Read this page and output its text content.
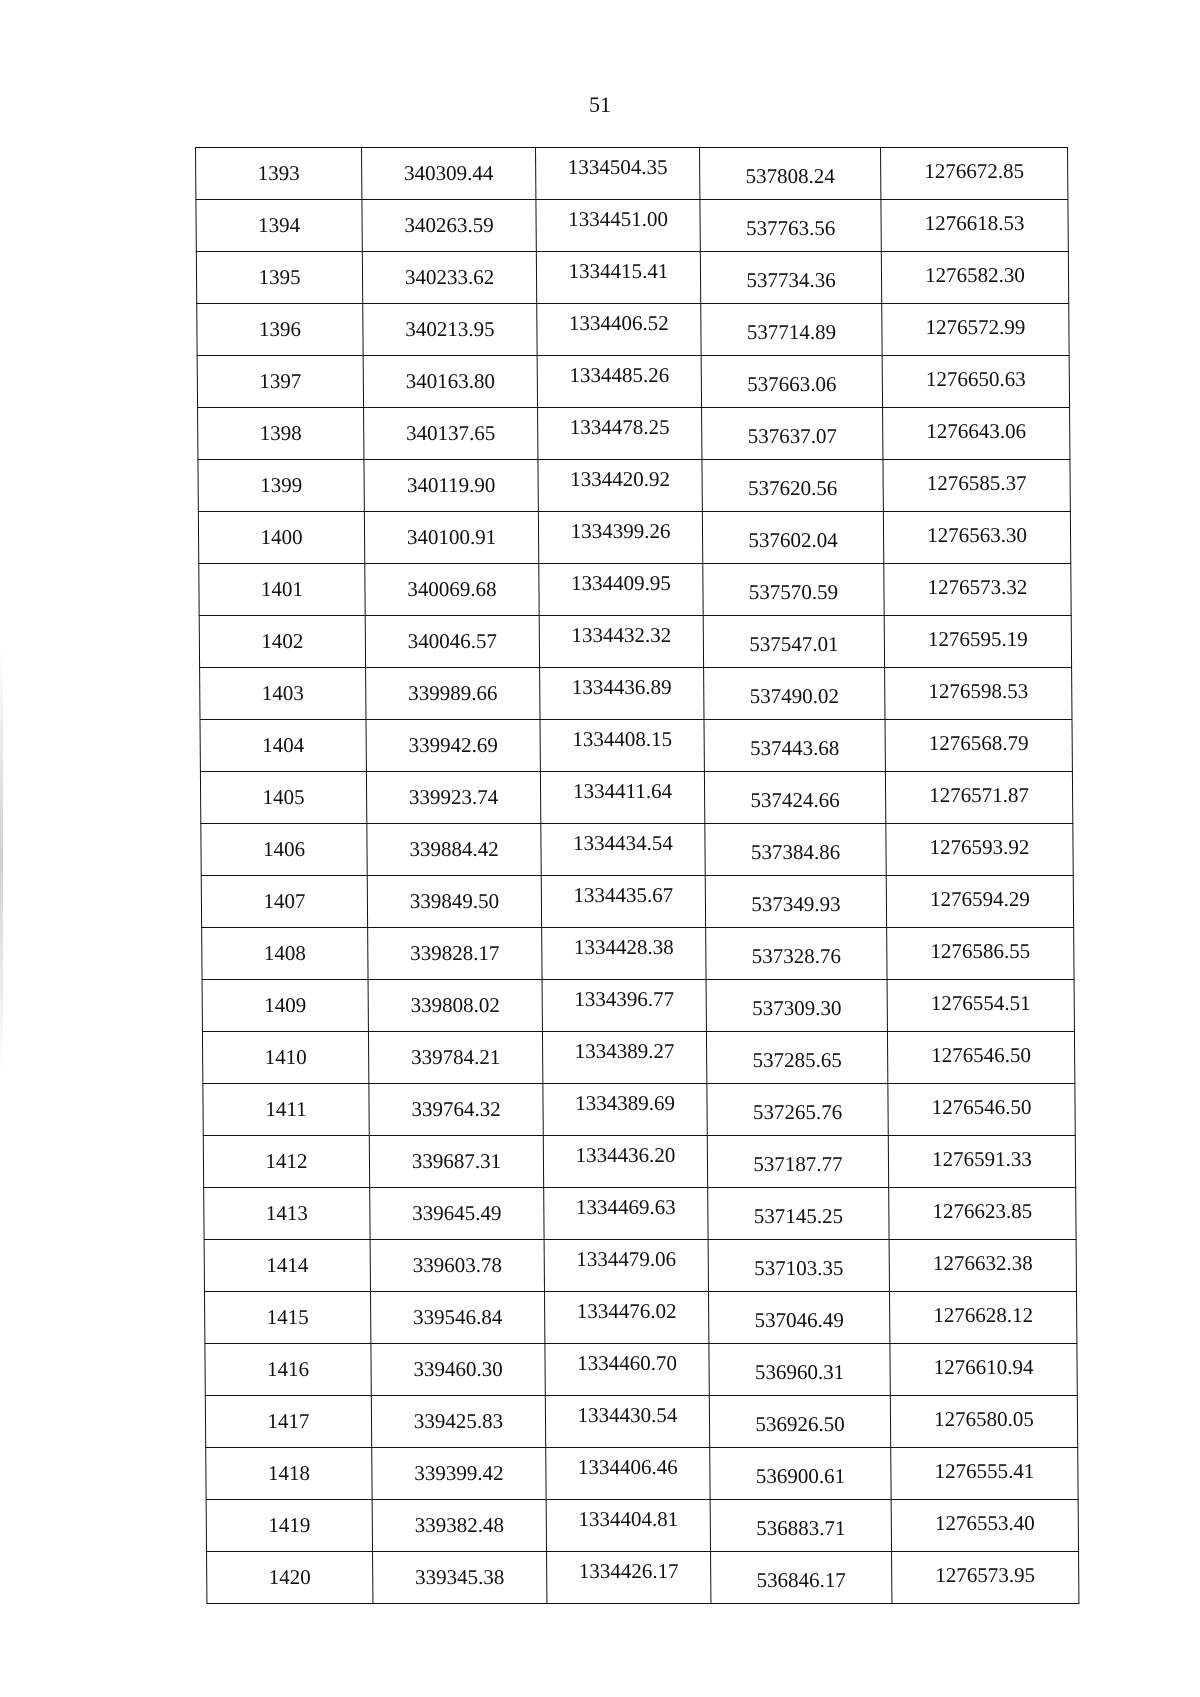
51
1393	340309.44	1334504.35	537808.24	1276672.85
1394	340263.59	1334451.00	537763.56	1276618.53
1395	340233.62	1334415.41	537734.36	1276582.30
1396	340213.95	1334406.52	537714.89	1276572.99
1397	340163.80	1334485.26	537663.06	1276650.63
1398	340137.65	1334478.25	537637.07	1276643.06
1399	340119.90	1334420.92	537620.56	1276585.37
1400	340100.91	1334399.26	537602.04	1276563.30
1401	340069.68	1334409.95	537570.59	1276573.32
1402	340046.57	1334432.32	537547.01	1276595.19
1403	339989.66	1334436.89	537490.02	1276598.53
1404	339942.69	1334408.15	537443.68	1276568.79
1405	339923.74	1334411.64	537424.66	1276571.87
1406	339884.42	1334434.54	537384.86	1276593.92
1407	339849.50	1334435.67	537349.93	1276594.29
1408	339828.17	1334428.38	537328.76	1276586.55
1409	339808.02	1334396.77	537309.30	1276554.51
1410	339784.21	1334389.27	537285.65	1276546.50
1411	339764.32	1334389.69	537265.76	1276546.50
1412	339687.31	1334436.20	537187.77	1276591.33
1413	339645.49	1334469.63	537145.25	1276623.85
1414	339603.78	1334479.06	537103.35	1276632.38
1415	339546.84	1334476.02	537046.49	1276628.12
1416	339460.30	1334460.70	536960.31	1276610.94
1417	339425.83	1334430.54	536926.50	1276580.05
1418	339399.42	1334406.46	536900.61	1276555.41
1419	339382.48	1334404.81	536883.71	1276553.40
1420	339345.38	1334426.17	536846.17	1276573.95
